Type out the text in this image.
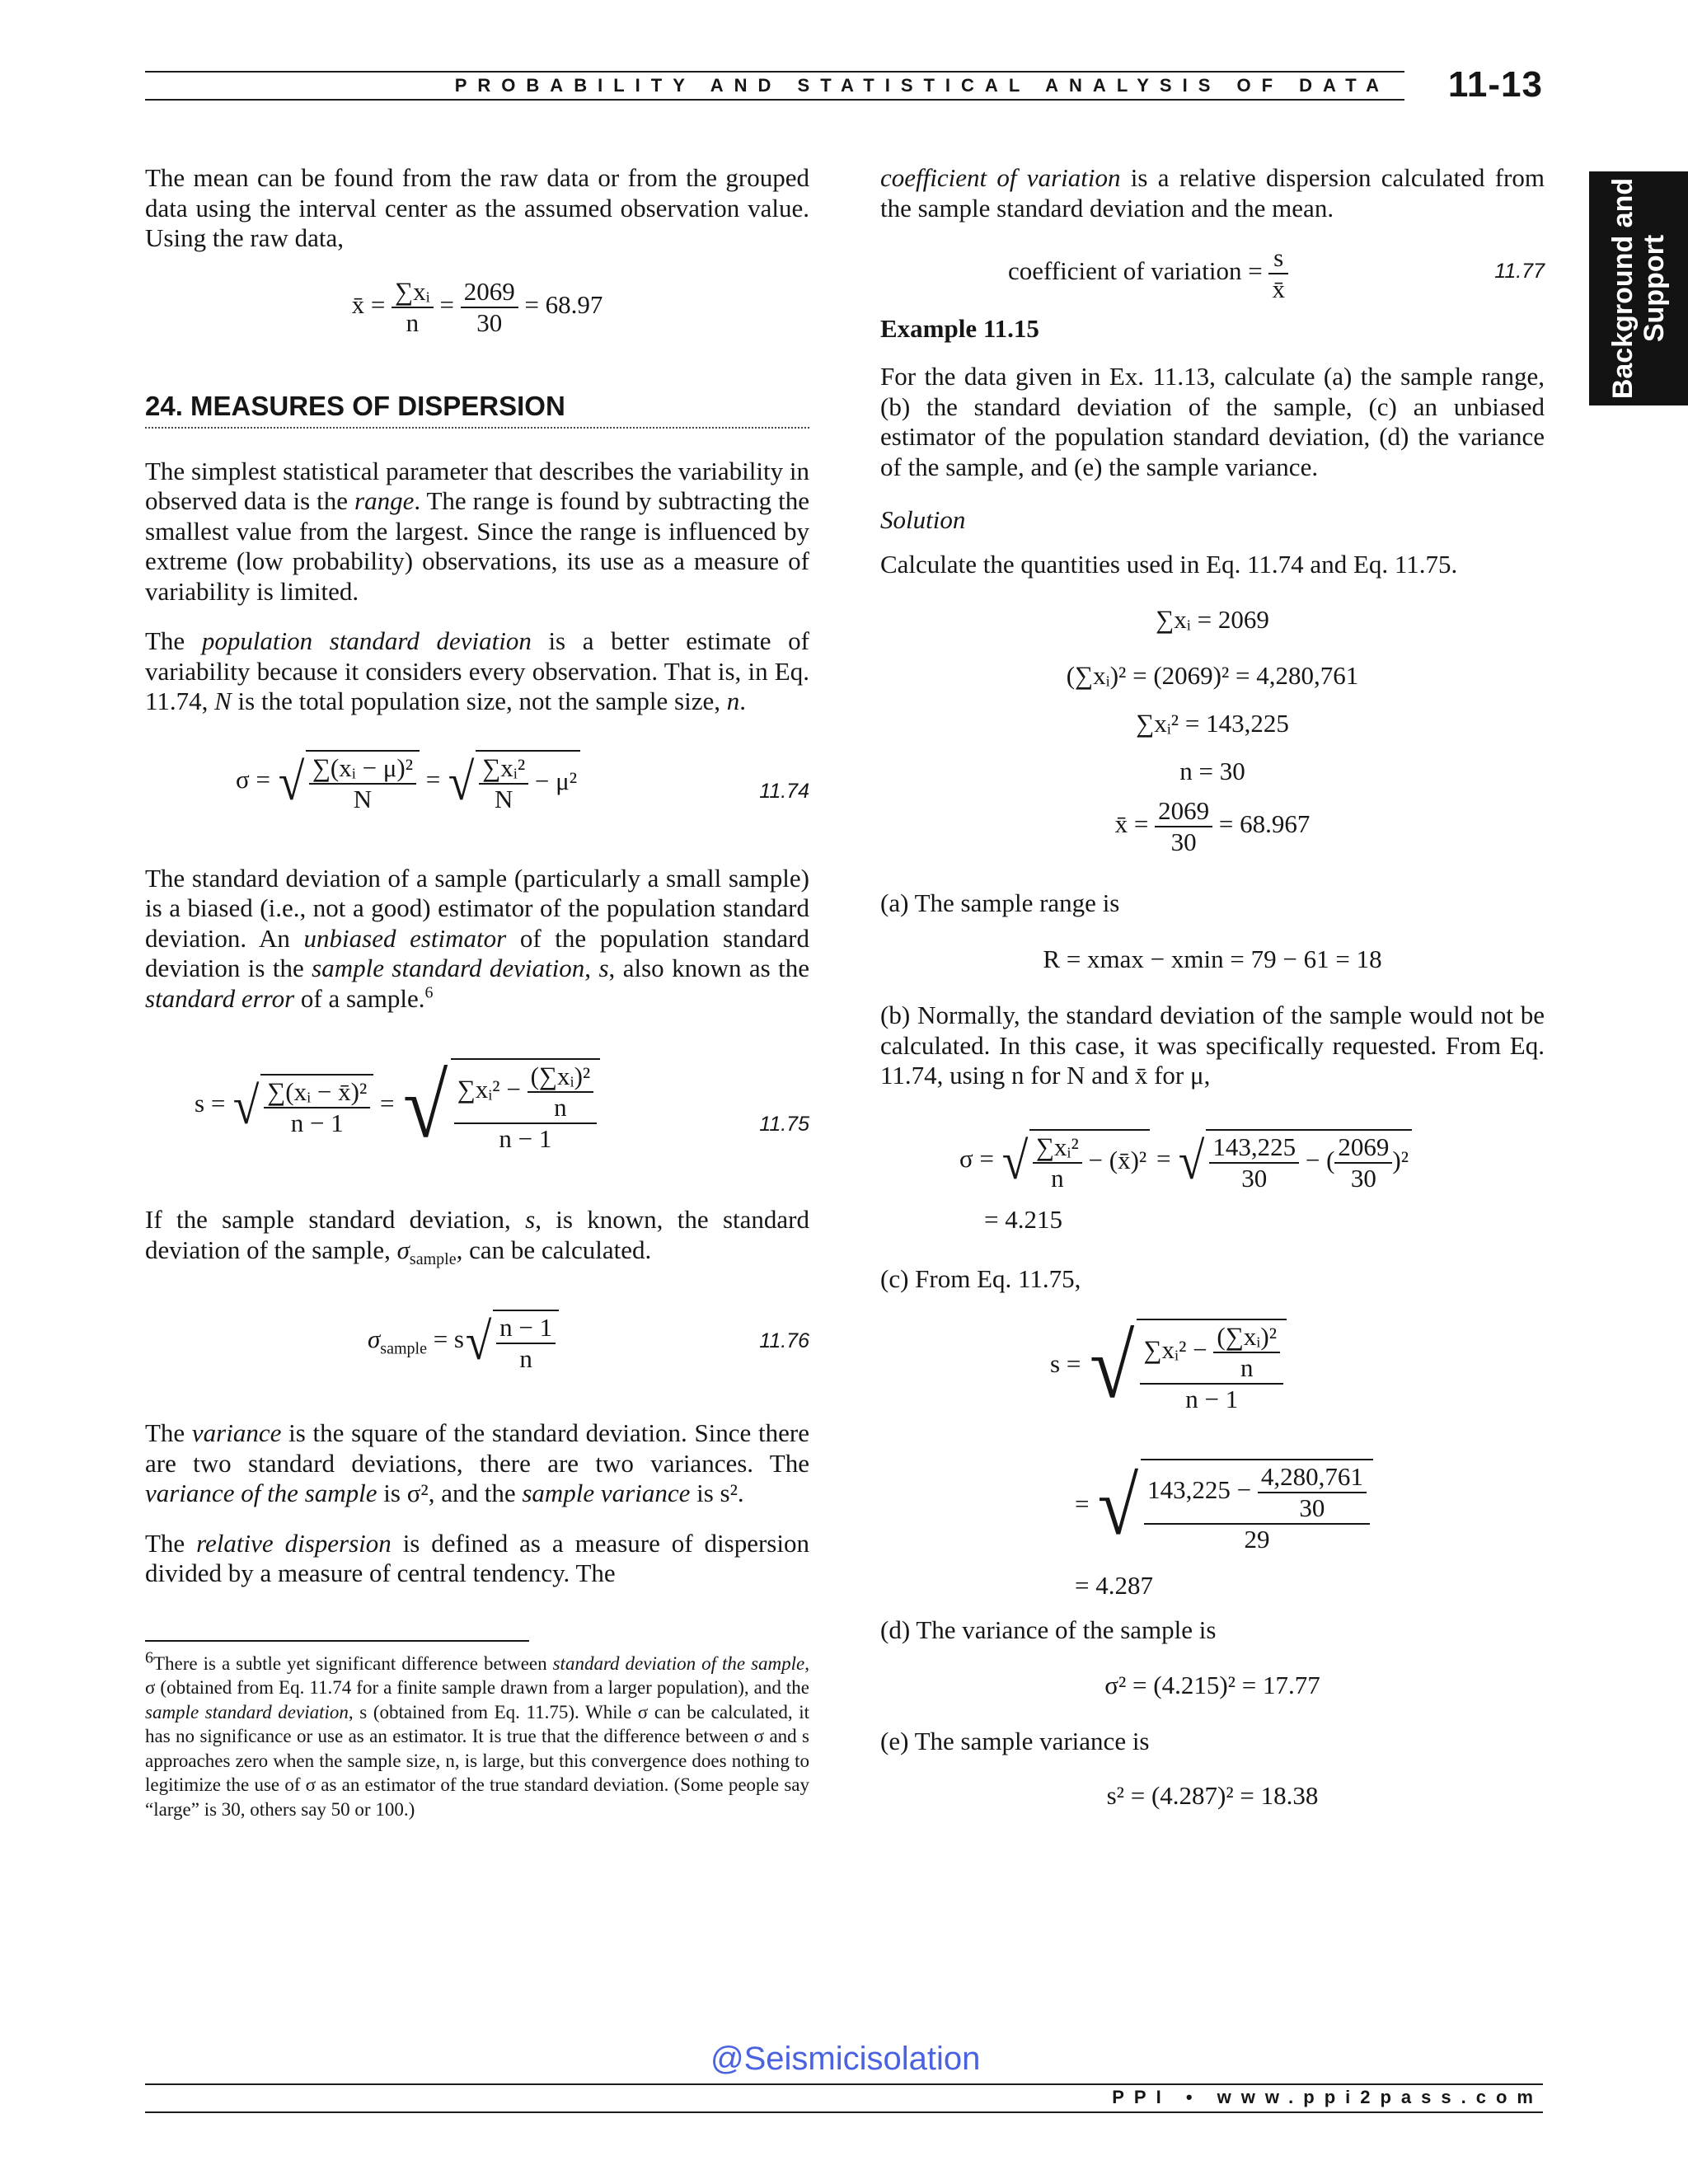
PROBABILITY AND STATISTICAL ANALYSIS OF DATA 11-13
Background and Support

The mean can be found from the raw data or from the grouped data using the interval center as the assumed observation value. Using the raw data,

x̄ = $\frac{\text{∑xᵢ}}{n} = \frac{2069}{30} = 68.97$
24. MEASURES OF DISPERSION

The simplest statistical parameter that describes the variability in observed data is the range. The range is found by subtracting the smallest value from the largest. Since the range is influenced by extreme (low probability) observations, its use as a measure of variability is limited.

The population standard deviation is a better estimate of variability because it considers every observation. That is, in Eq. 11.74, N is the total population size, not the sample size, n.

σ = √ $\frac{\text{∑(xᵢ − μ)²}}{N}$ = √ $\frac{\text{∑xᵢ²}}{N} - \mu^2$	11.74

The standard deviation of a sample (particularly a small sample) is a biased (i.e., not a good) estimator of the population standard deviation. An unbiased estimator of the population standard deviation is the sample standard deviation, s, also known as the standard error of a sample.$^6$

s = √ $\frac{\text{∑(xᵢ − x̄)²}}{n - 1}$ = √ $\frac{\sum xᵢ^2 - \frac{\text{(∑xᵢ)²}}{n}}{n - 1}$	11.75

If the sample standard deviation, s, is known, the standard deviation of the sample, $\sigma_{sample}$, can be calculated.

$\sigma_{sample} = s√ \frac{n - 1}{n}$	11.76

The variance is the square of the standard deviation. Since there are two standard deviations, there are two variances. The variance of the sample is σ², and the sample variance is s².

The relative dispersion is defined as a measure of dispersion divided by a measure of central tendency. The

$^6$There is a subtle yet significant difference between standard deviation of the sample, σ (obtained from Eq. 11.74 for a finite sample drawn from a larger population), and the sample standard deviation, s (obtained from Eq. 11.75). While σ can be calculated, it has no significance or use as an estimator. It is true that the difference between σ and s approaches zero when the sample size, n, is large, but this convergence does nothing to legitimize the use of σ as an estimator of the true standard deviation. (Some people say “large” is 30, others say 50 or 100.)

coefficient of variation is a relative dispersion calculated from the sample standard deviation and the mean.

coefficient of variation = $\frac{s}{x̄}$	11.77
Example 11.15

For the data given in Ex. 11.13, calculate (a) the sample range, (b) the standard deviation of the sample, (c) an unbiased estimator of the population standard deviation, (d) the variance of the sample, and (e) the sample variance.

Solution

Calculate the quantities used in Eq. 11.74 and Eq. 11.75.

∑xᵢ = 2069
(∑xᵢ)² = (2069)² = 4,280,761
∑xᵢ² = 143,225
n = 30
x̄ = $\frac{2069}{30} = 68.967$

(a) The sample range is

R = xmax − xmin = 79 − 61 = 18

(b) Normally, the standard deviation of the sample would not be calculated. In this case, it was specifically requested. From Eq. 11.74, using n for N and x̄ for μ,

σ = √ $\frac{\text{∑xᵢ²}}{n}$ − (x̄)² = √ $\frac{143,225}{30}$ − ( $\frac{2069}{30} )^2$
= 4.215

(c) From Eq. 11.75,

s = √ $\frac{\sum xᵢ^2 - \frac{\text{(∑xᵢ)²}}{n}}{n - 1}$
= √ $\frac{143,225 - \frac{4,280,761}{30}}{29}$
= 4.287

(d) The variance of the sample is

σ² = (4.215)² = 17.77

(e) The sample variance is

s² = (4.287)² = 18.38
@Seismicisolation
PPI • www.ppi2pass.com
